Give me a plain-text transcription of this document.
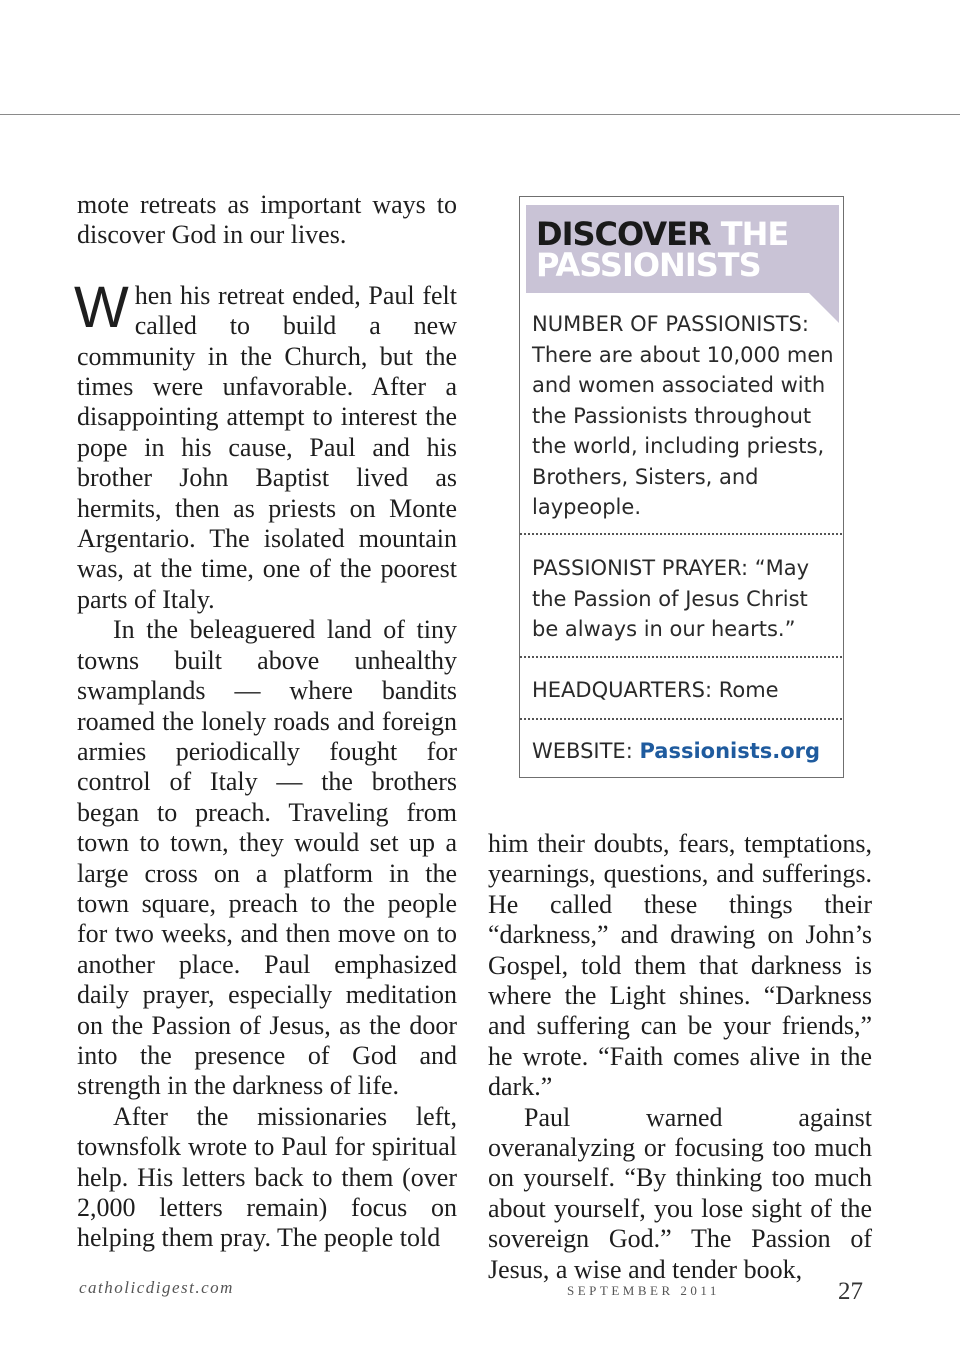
mote retreats as important ways to discover God in our lives.

When his retreat ended, Paul felt called to build a new community in the Church, but the times were unfavorable. After a disappointing attempt to interest the pope in his cause, Paul and his brother John Baptist lived as hermits, then as priests on Monte Argentario. The isolated mountain was, at the time, one of the poorest parts of Italy.

In the beleaguered land of tiny towns built above unhealthy swamplands — where bandits roamed the lonely roads and foreign armies periodically fought for control of Italy — the brothers began to preach. Traveling from town to town, they would set up a large cross on a platform in the town square, preach to the people for two weeks, and then move on to another place. Paul emphasized daily prayer, especially meditation on the Passion of Jesus, as the door into the presence of God and strength in the darkness of life.

After the missionaries left, townsfolk wrote to Paul for spiritual help. His letters back to them (over 2,000 letters remain) focus on helping them pray. The people told

him their doubts, fears, temptations, yearnings, questions, and sufferings. He called these things their “darkness,” and drawing on John’s Gospel, told them that darkness is where the Light shines. “Darkness and suffering can be your friends,” he wrote. “Faith comes alive in the dark.”

Paul warned against overanalyzing or focusing too much on yourself. “By thinking too much about yourself, you lose sight of the sovereign God.” The Passion of Jesus, a wise and tender book,

DISCOVER THE
PASSIONISTS

NUMBER OF PASSIONISTS: There are about 10,000 men and women associated with the Passionists throughout the world, including priests, Brothers, Sisters, and laypeople.

PASSIONIST PRAYER: “May the Passion of Jesus Christ be always in our hearts.”

HEADQUARTERS: Rome

WEBSITE: Passionists.org

catholicdigest.com	SEPTEMBER 2011	27
